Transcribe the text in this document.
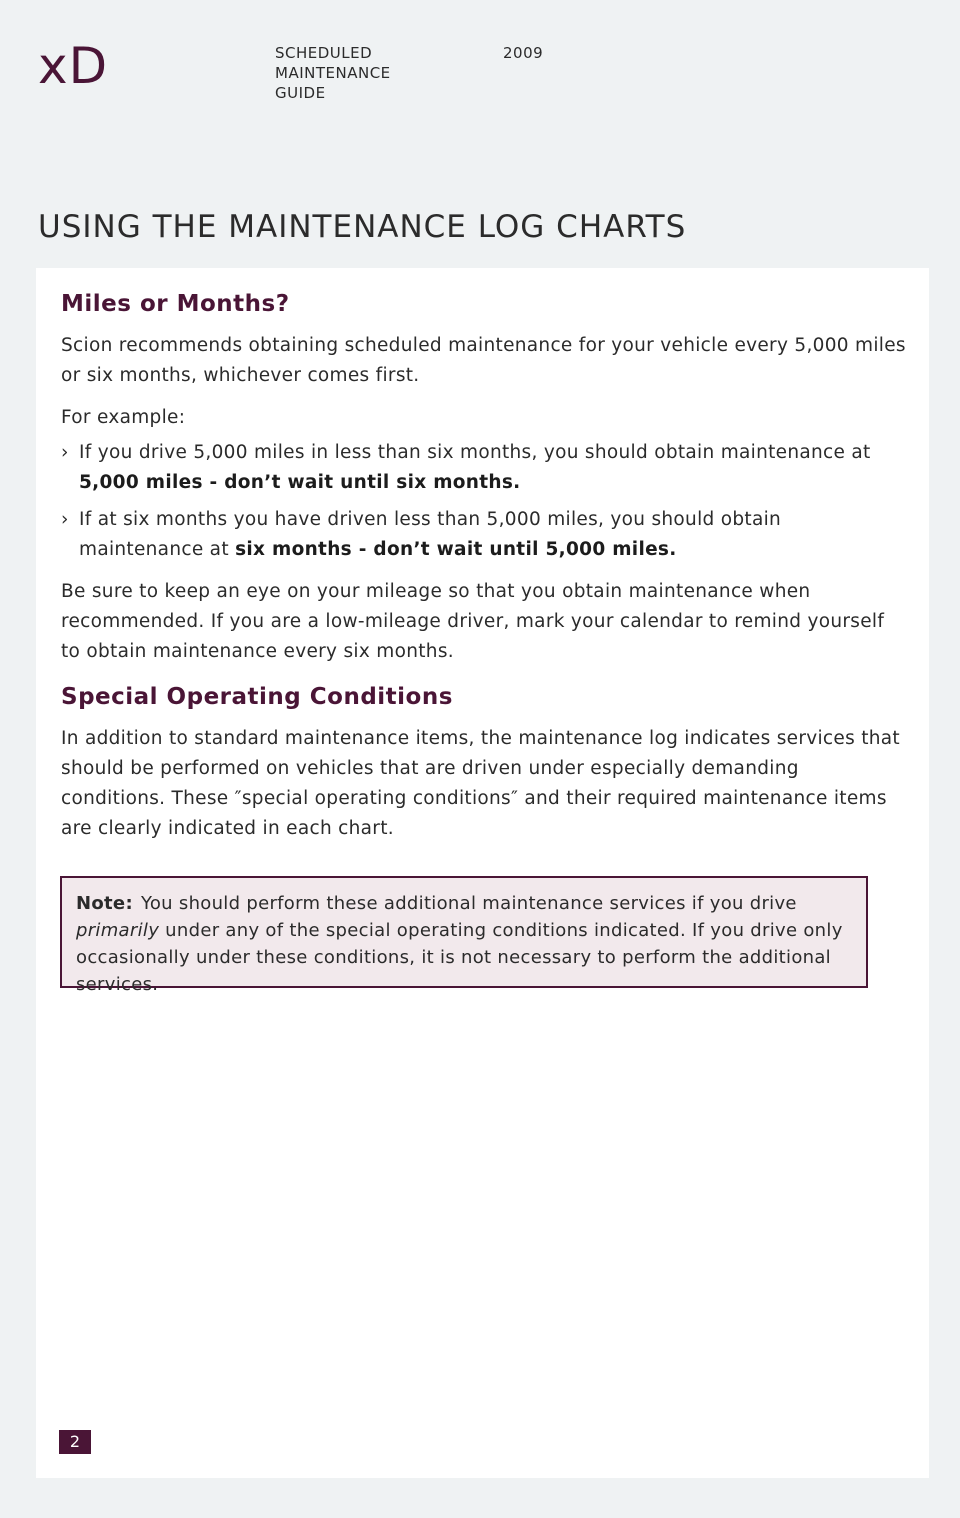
xD	SCHEDULED
MAINTENANCE
GUIDE
2009
USING THE MAINTENANCE LOG CHARTS
Miles or Months?

Scion recommends obtaining scheduled maintenance for your vehicle every 5,000 miles or six months, whichever comes first.

For example:

› If you drive 5,000 miles in less than six months, you should obtain maintenance at 5,000 miles - don’t wait until six months.
› If at six months you have driven less than 5,000 miles, you should obtain maintenance at six months - don’t wait until 5,000 miles.

Be sure to keep an eye on your mileage so that you obtain maintenance when recommended. If you are a low-mileage driver, mark your calendar to remind yourself to obtain maintenance every six months.

Special Operating Conditions

In addition to standard maintenance items, the maintenance log indicates services that should be performed on vehicles that are driven under especially demanding conditions. These ″special operating conditions″ and their required maintenance items are clearly indicated in each chart.

Note: You should perform these additional maintenance services if you drive primarily under any of the special operating conditions indicated. If you drive only occasionally under these conditions, it is not necessary to perform the additional services.
2
